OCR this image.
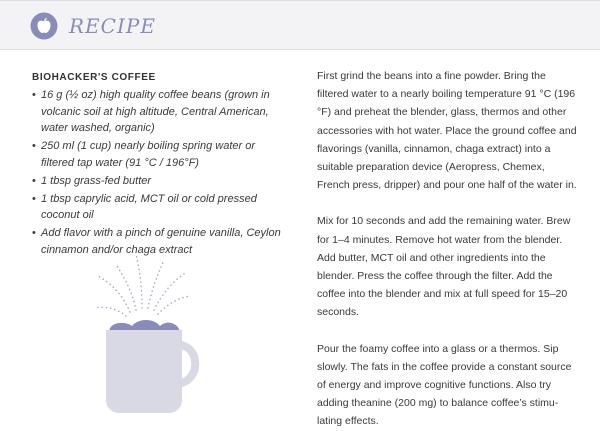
RECIPE
BIOHACKER'S COFFEE
• 16 g (½ oz) high quality coffee beans (grown in volcanic soil at high altitude, Central American, water washed, organic)
• 250 ml (1 cup) nearly boiling spring water or filtered tap water (91 °C / 196°F)
• 1 tbsp grass-fed butter
• 1 tbsp caprylic acid, MCT oil or cold pressed coconut oil
• Add flavor with a pinch of genuine vanilla, Ceylon cinnamon and/or chaga extract

First grind the beans into a fine powder. Bring the filtered water to a nearly boiling temperature 91 °C (196 °F) and preheat the blender, glass, thermos and other accessories with hot water. Place the ground coffee and flavorings (vanilla, cinnamon, chaga extract) into a suitable preparation device (Aeropress, Chemex, French press, dripper) and pour one half of the water in.

Mix for 10 seconds and add the remaining water. Brew for 1–4 minutes. Remove hot water from the blender. Add butter, MCT oil and other ingredients into the blender. Press the coffee through the filter. Add the coffee into the blender and mix at full speed for 15–20 seconds.

Pour the foamy coffee into a glass or a thermos. Sip slowly. The fats in the coffee provide a constant source of energy and improve cognitive functions. Also try adding theanine (200 mg) to balance coffee’s stimulating effects.
